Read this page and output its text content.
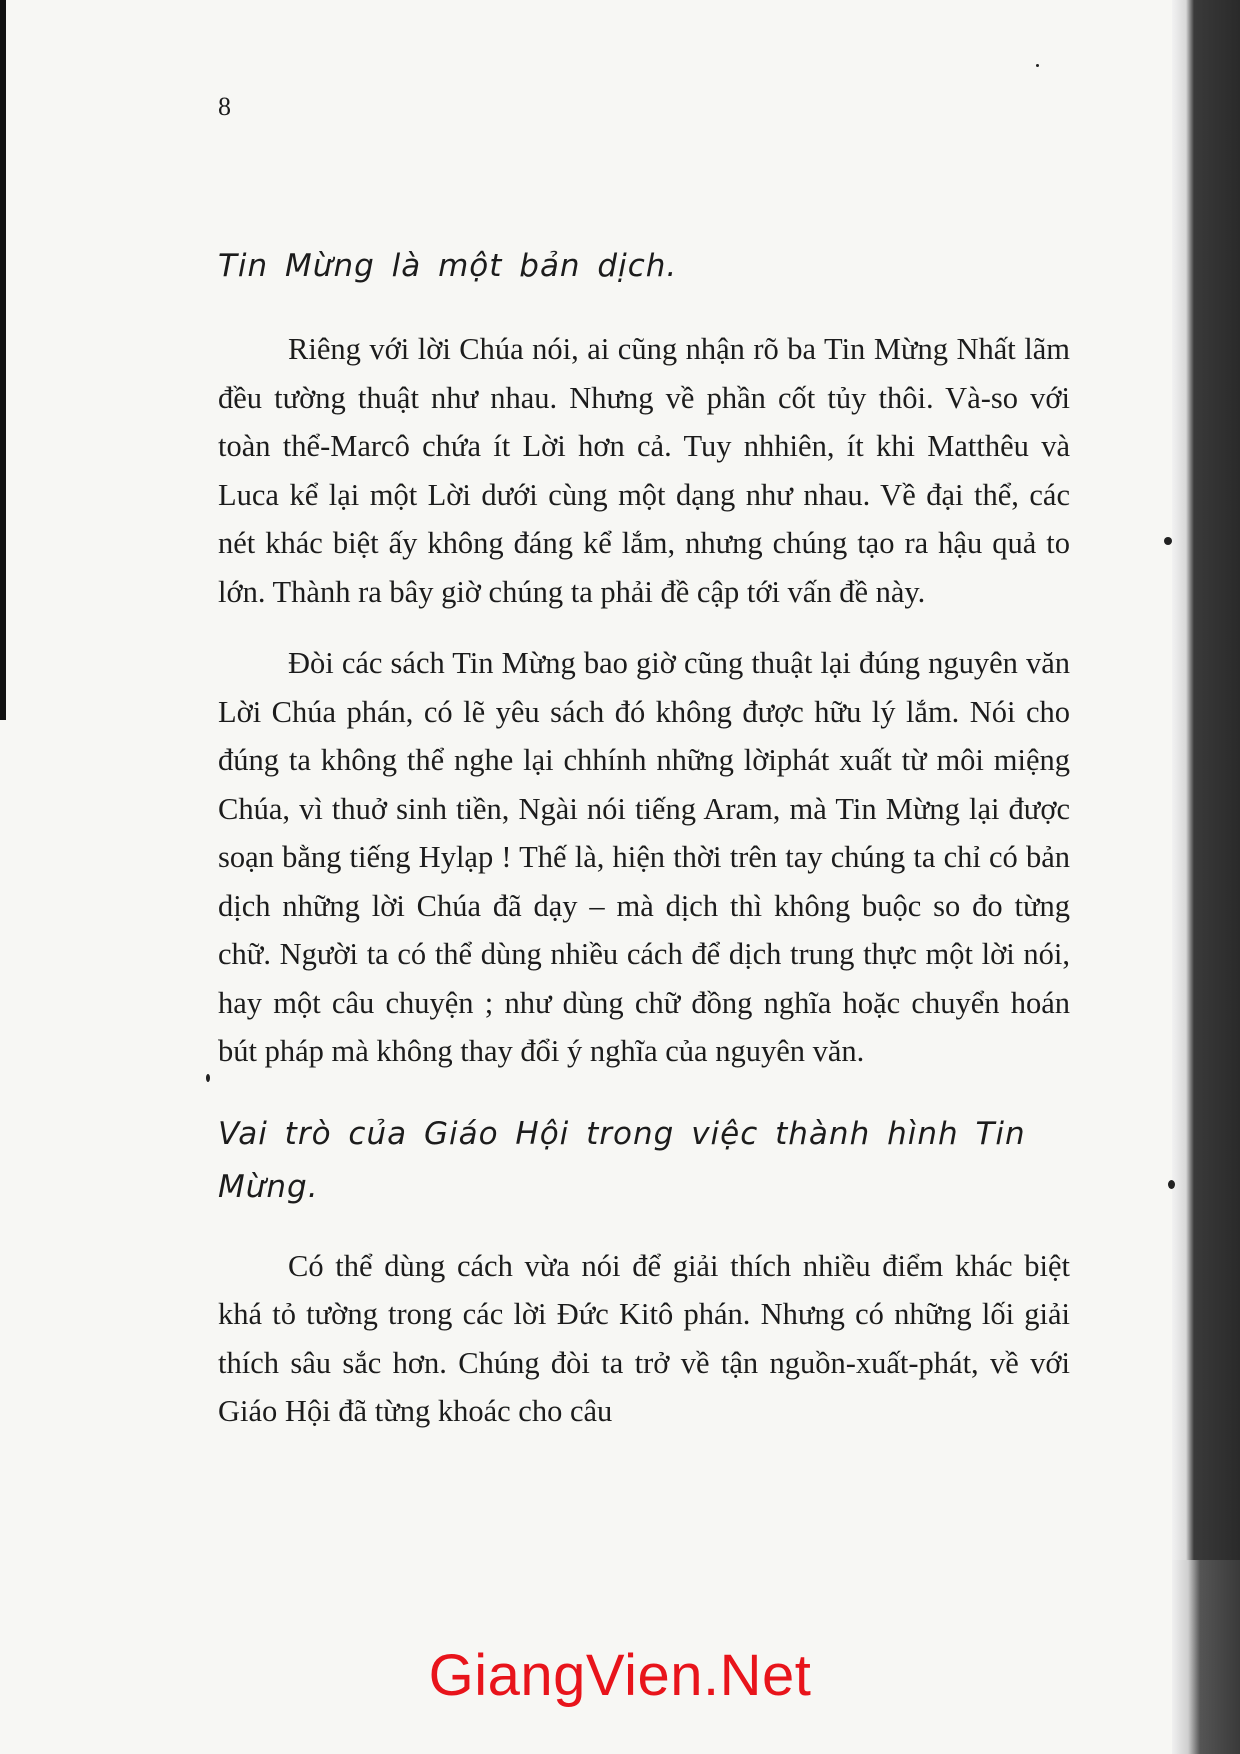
8

Tin Mừng là một bản dịch.

Riêng với lời Chúa nói, ai cũng nhận rõ ba Tin Mừng Nhất lãm đều tường thuật như nhau. Nhưng về phần cốt tủy thôi. Và-so với toàn thể-Marcô chứa ít Lời hơn cả. Tuy nhhiên, ít khi Matthêu và Luca kể lại một Lời dưới cùng một dạng như nhau. Về đại thể, các nét khác biệt ấy không đáng kể lắm, nhưng chúng tạo ra hậu quả to lớn. Thành ra bây giờ chúng ta phải đề cập tới vấn đề này.

Đòi các sách Tin Mừng bao giờ cũng thuật lại đúng nguyên văn Lời Chúa phán, có lẽ yêu sách đó không được hữu lý lắm. Nói cho đúng ta không thể nghe lại chhính những lờiphát xuất từ môi miệng Chúa, vì thuở sinh tiền, Ngài nói tiếng Aram, mà Tin Mừng lại được soạn bằng tiếng Hylạp ! Thế là, hiện thời trên tay chúng ta chỉ có bản dịch những lời Chúa đã dạy – mà dịch thì không buộc so đo từng chữ. Người ta có thể dùng nhiều cách để dịch trung thực một lời nói, hay một câu chuyện ; như dùng chữ đồng nghĩa hoặc chuyển hoán bút pháp mà không thay đổi ý nghĩa của nguyên văn.

Vai trò của Giáo Hội trong việc thành hình Tin Mừng.

Có thể dùng cách vừa nói để giải thích nhiều điểm khác biệt khá tỏ tường trong các lời Đức Kitô phán. Nhưng có những lối giải thích sâu sắc hơn. Chúng đòi ta trở về tận nguồn-xuất-phát, về với Giáo Hội đã từng khoác cho câu

GiangVien.Net
